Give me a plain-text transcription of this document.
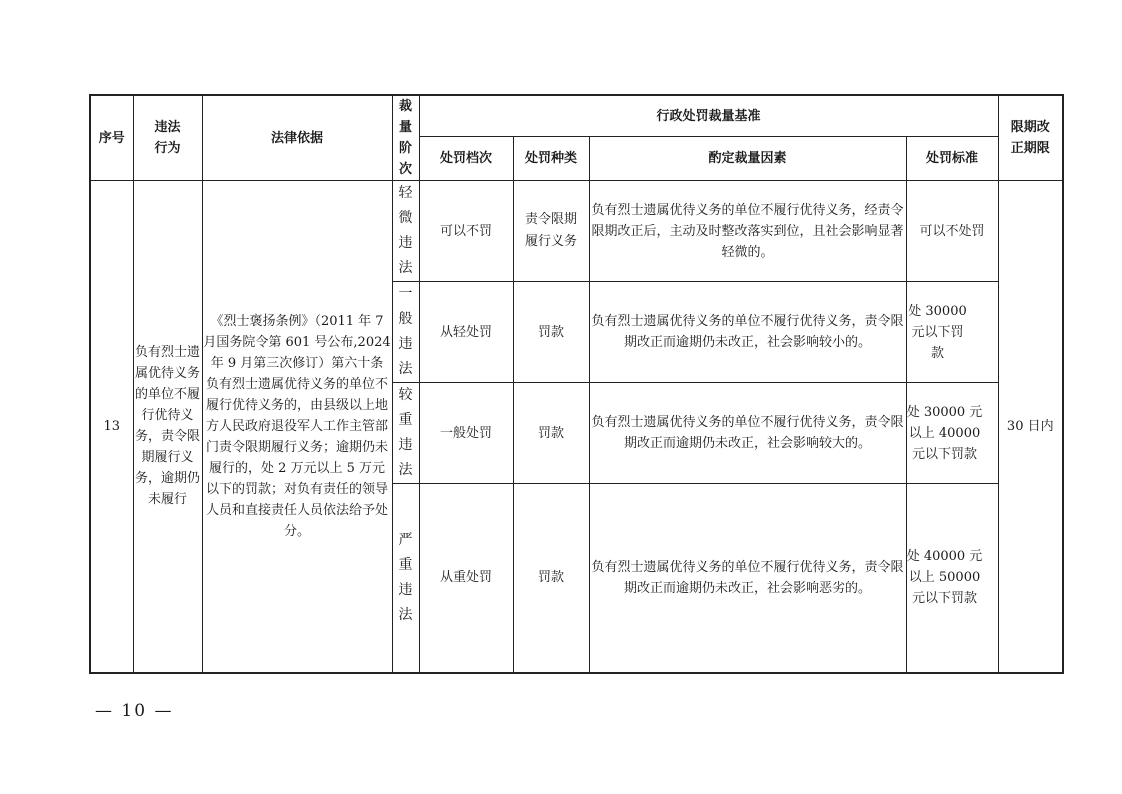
序号	违法行为	法律依据	裁量阶次	行政处罚裁量基准				限期改正期限

				处罚档次	处罚种类	酌定裁量因素	处罚标准	
13	负有烈士遗属优待义务的单位不履行优待义务，责令限期履行义务，逾期仍未履行	《烈士褒扬条例》（2011 年 7 月国务院令第 601 号公布,2024 年 9 月第三次修订）第六十条　负有烈士遗属优待义务的单位不履行优待义务的，由县级以上地方人民政府退役军人工作主管部门责令限期履行义务；逾期仍未履行的，处 2 万元以上 5 万元以下的罚款；对负有责任的领导人员和直接责任人员依法给予处分。	轻微违法	可以不罚	责令限期履行义务	负有烈士遗属优待义务的单位不履行优待义务，经责令限期改正后，主动及时整改落实到位，且社会影响显著轻微的。	可以不处罚	30 日内

			一般违法	从轻处罚	罚款	负有烈士遗属优待义务的单位不履行优待义务，责令限期改正而逾期仍未改正，社会影响较小的。	处 30000 元以下罚款	

			较重违法	一般处罚	罚款	负有烈士遗属优待义务的单位不履行优待义务，责令限期改正而逾期仍未改正，社会影响较大的。	处 30000 元以上 40000 元以下罚款	

			严重违法	从重处罚	罚款	负有烈士遗属优待义务的单位不履行优待义务，责令限期改正而逾期仍未改正，社会影响恶劣的。	处 40000 元以上 50000 元以下罚款	
— 10 —
